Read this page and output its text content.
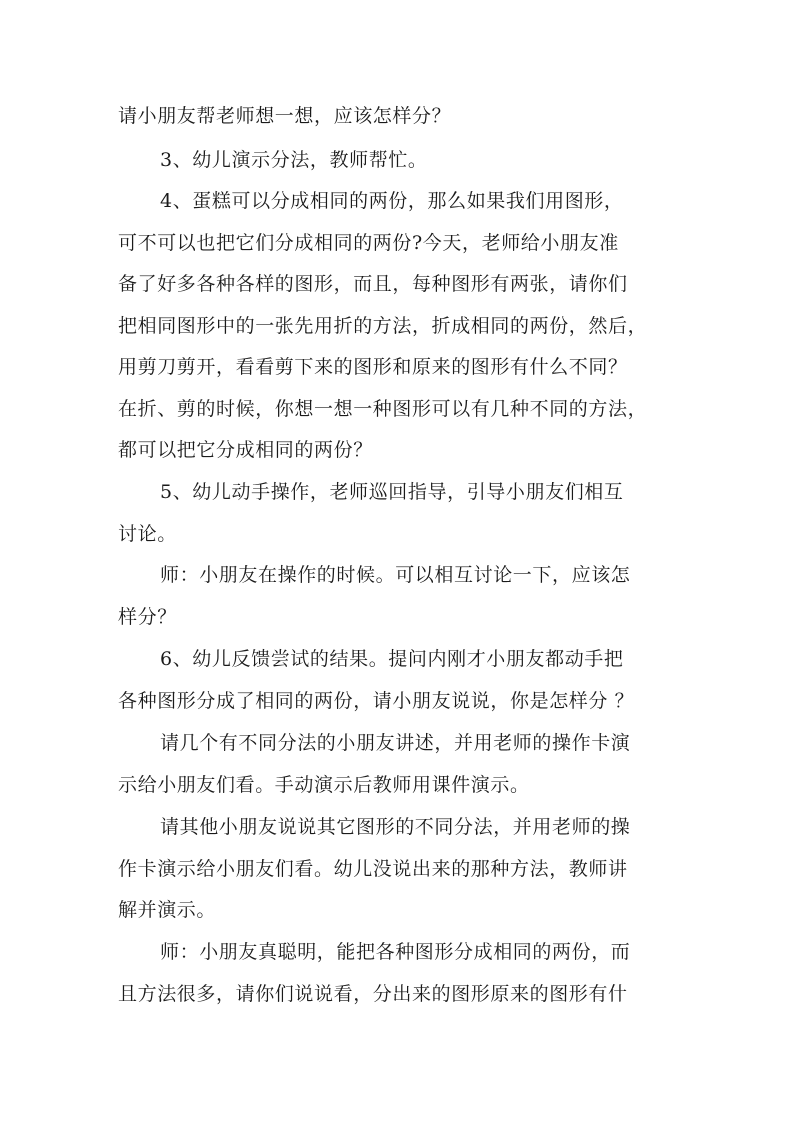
请小朋友帮老师想一想，应该怎样分？
3、幼儿演示分法，教师帮忙。
4、蛋糕可以分成相同的两份，那么如果我们用图形，
可不可以也把它们分成相同的两份?今天，老师给小朋友准
备了好多各种各样的图形，而且，每种图形有两张，请你们
把相同图形中的一张先用折的方法，折成相同的两份，然后，
用剪刀剪开，看看剪下来的图形和原来的图形有什么不同？
在折、剪的时候，你想一想一种图形可以有几种不同的方法，
都可以把它分成相同的两份？
5、幼儿动手操作，老师巡回指导，引导小朋友们相互
讨论。
师：小朋友在操作的时候。可以相互讨论一下，应该怎
样分？
6、幼儿反馈尝试的结果。提问内刚才小朋友都动手把
各种图形分成了相同的两份，请小朋友说说，你是怎样分 ？
请几个有不同分法的小朋友讲述，并用老师的操作卡演
示给小朋友们看。手动演示后教师用课件演示。
请其他小朋友说说其它图形的不同分法，并用老师的操
作卡演示给小朋友们看。幼儿没说出来的那种方法，教师讲
解并演示。
师：小朋友真聪明，能把各种图形分成相同的两份，而
且方法很多，请你们说说看，分出来的图形原来的图形有什
